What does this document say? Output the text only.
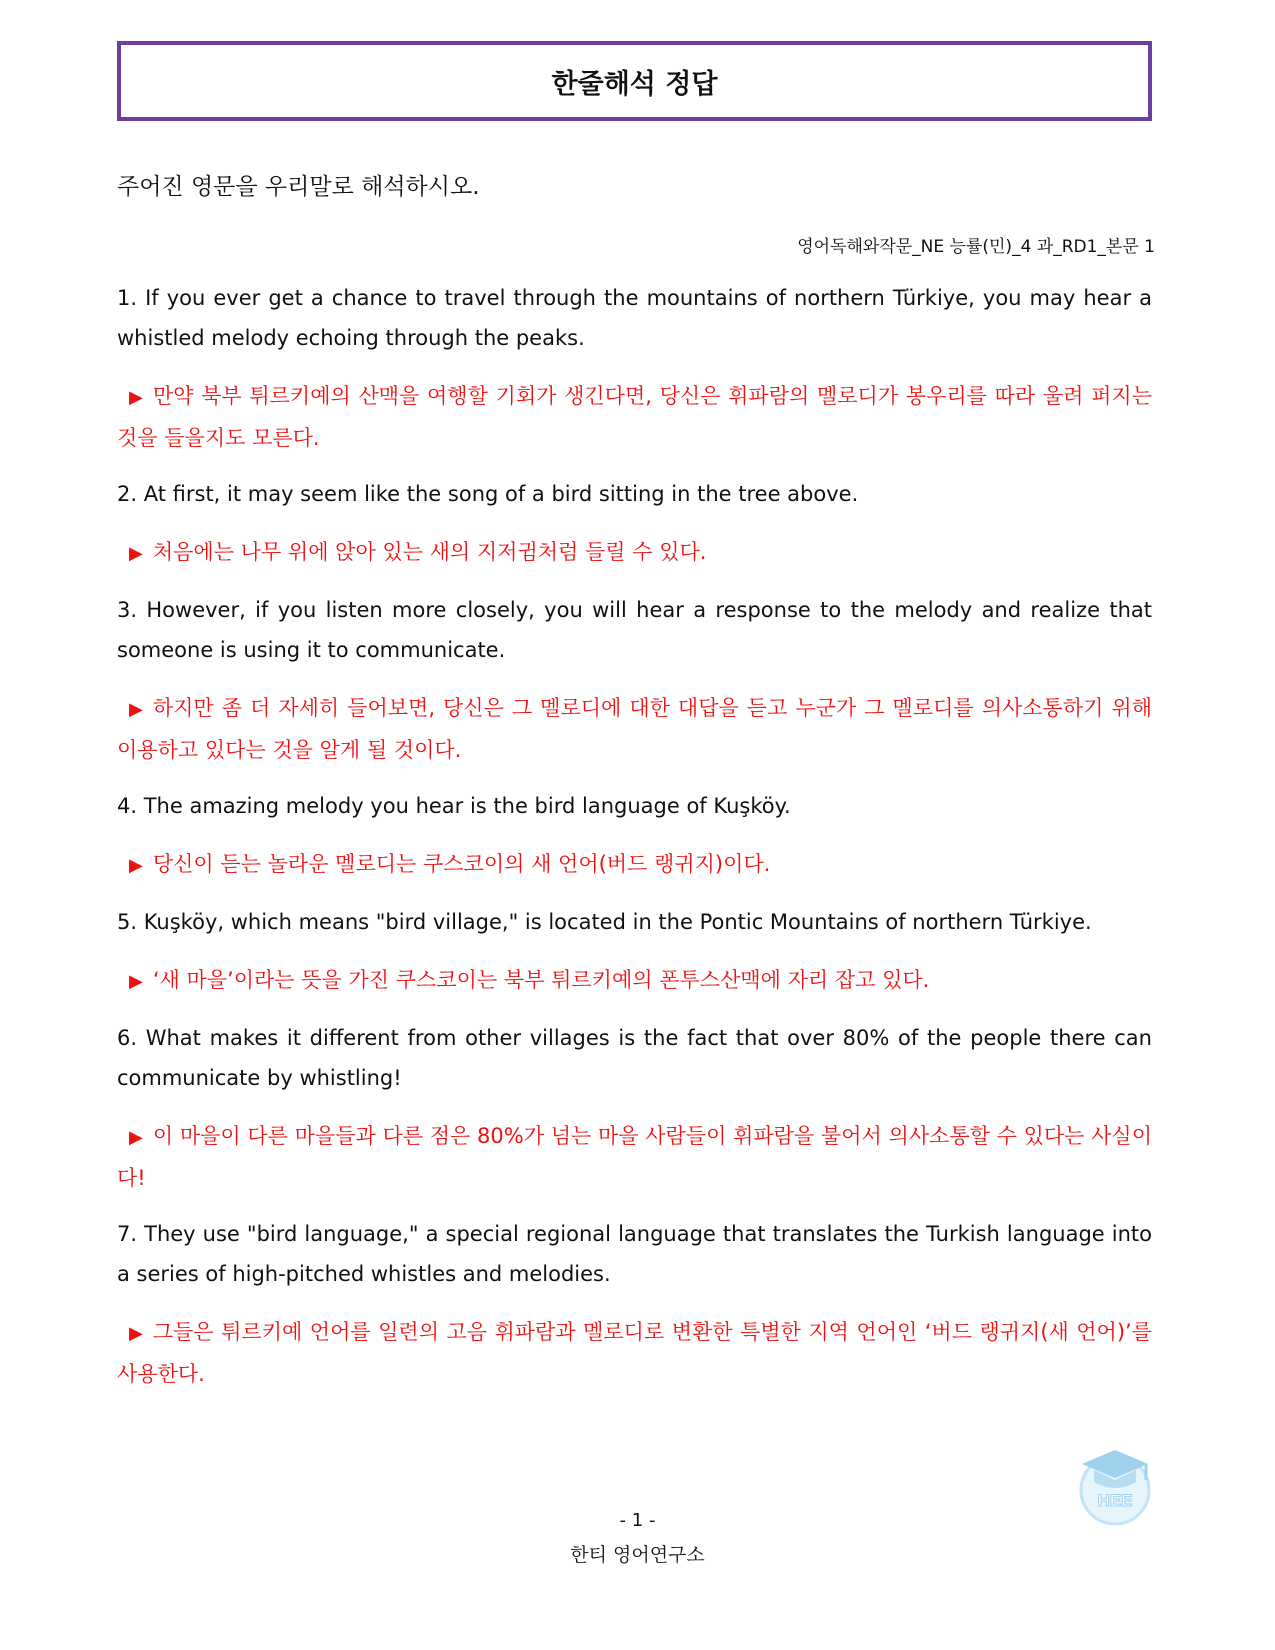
한줄해석 정답
주어진 영문을 우리말로 해석하시오.
영어독해와작문_NE 능률(민)_4 과_RD1_본문 1

1. If you ever get a chance to travel through the mountains of northern Türkiye, you may hear a whistled melody echoing through the peaks.

▶ 만약 북부 튀르키예의 산맥을 여행할 기회가 생긴다면, 당신은 휘파람의 멜로디가 봉우리를 따라 울려 퍼지는 것을 들을지도 모른다.

2. At first, it may seem like the song of a bird sitting in the tree above.

▶ 처음에는 나무 위에 앉아 있는 새의 지저귐처럼 들릴 수 있다.

3. However, if you listen more closely, you will hear a response to the melody and realize that someone is using it to communicate.

▶ 하지만 좀 더 자세히 들어보면, 당신은 그 멜로디에 대한 대답을 듣고 누군가 그 멜로디를 의사소통하기 위해 이용하고 있다는 것을 알게 될 것이다.

4. The amazing melody you hear is the bird language of Kuşköy.

▶ 당신이 듣는 놀라운 멜로디는 쿠스코이의 새 언어(버드 랭귀지)이다.

5. Kuşköy, which means "bird village," is located in the Pontic Mountains of northern Türkiye.

▶ ‘새 마을’이라는 뜻을 가진 쿠스코이는 북부 튀르키예의 폰투스산맥에 자리 잡고 있다.

6. What makes it different from other villages is the fact that over 80% of the people there can communicate by whistling!

▶ 이 마을이 다른 마을들과 다른 점은 80%가 넘는 마을 사람들이 휘파람을 불어서 의사소통할 수 있다는 사실이다!

7. They use "bird language," a special regional language that translates the Turkish language into a series of high-pitched whistles and melodies.

▶ 그들은 튀르키예 언어를 일련의 고음 휘파람과 멜로디로 변환한 특별한 지역 언어인 ‘버드 랭귀지(새 언어)’를 사용한다.

HEE
- 1 -
한티 영어연구소
